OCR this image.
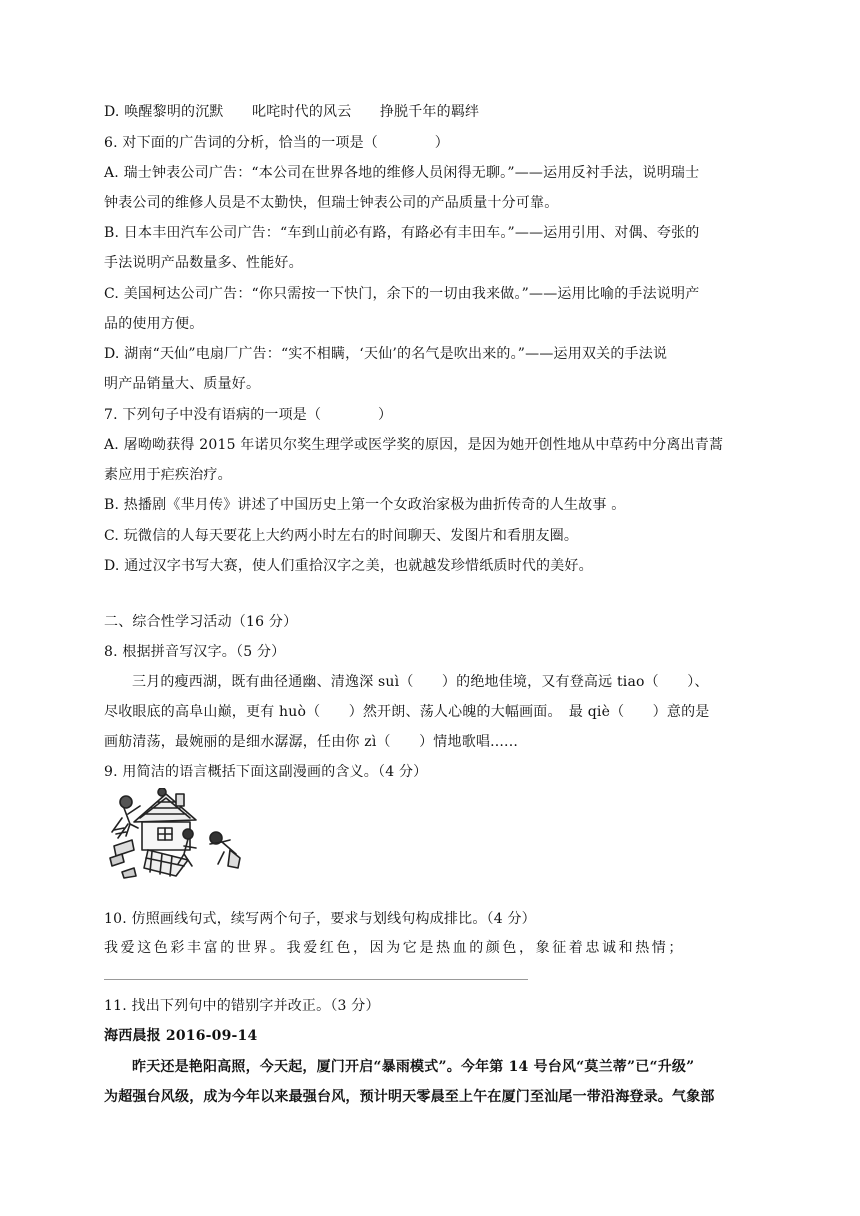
D. 唤醒黎明的沉默　　叱咤时代的风云　　挣脱千年的羁绊
6. 对下面的广告词的分析，恰当的一项是（　　　　）
A. 瑞士钟表公司广告：“本公司在世界各地的维修人员闲得无聊。”——运用反衬手法，说明瑞士
钟表公司的维修人员是不太勤快，但瑞士钟表公司的产品质量十分可靠。
B. 日本丰田汽车公司广告：“车到山前必有路，有路必有丰田车。”——运用引用、对偶、夸张的
手法说明产品数量多、性能好。
C. 美国柯达公司广告：“你只需按一下快门，余下的一切由我来做。”——运用比喻的手法说明产
品的使用方便。
D. 湖南“天仙”电扇厂广告：“实不相瞒，‘天仙’的名气是吹出来的。”——运用双关的手法说
明产品销量大、质量好。
7. 下列句子中没有语病的一项是（　　　　）
A. 屠呦呦获得 2015 年诺贝尔奖生理学或医学奖的原因，是因为她开创性地从中草药中分离出青蒿
素应用于疟疾治疗。
B. 热播剧《芈月传》讲述了中国历史上第一个女政治家极为曲折传奇的人生故事 。
C. 玩微信的人每天要花上大约两小时左右的时间聊天、发图片和看朋友圈。
D. 通过汉字书写大赛，使人们重拾汉字之美，也就越发珍惜纸质时代的美好。
二、综合性学习活动（16 分）
8. 根据拼音写汉字。（5 分）
三月的瘦西湖，既有曲径通幽、清逸深 suì（　　）的绝地佳境，又有登高远 tiao（　　）、
尽收眼底的高阜山巅，更有 huò（　　）然开朗、荡人心魄的大幅画面。　最 qiè（　　）意的是
画舫清荡，最婉丽的是细水潺潺，任由你 zì（　　）情地歌唱......
9. 用简洁的语言概括下面这副漫画的含义。（4 分）
10. 仿照画线句式，续写两个句子，要求与划线句构成排比。（4 分）
我爱这色彩丰富的世界。我爱红色，因为它是热血的颜色，象征着忠诚和热情；
11. 找出下列句中的错别字并改正。（3 分）
海西晨报 2016-09-14
昨天还是艳阳高照，今天起，厦门开启“暴雨模式”。今年第 14 号台风“莫兰蒂”已“升级”
为超强台风级，成为今年以来最强台风，预计明天零晨至上午在厦门至汕尾一带沿海登录。气象部
